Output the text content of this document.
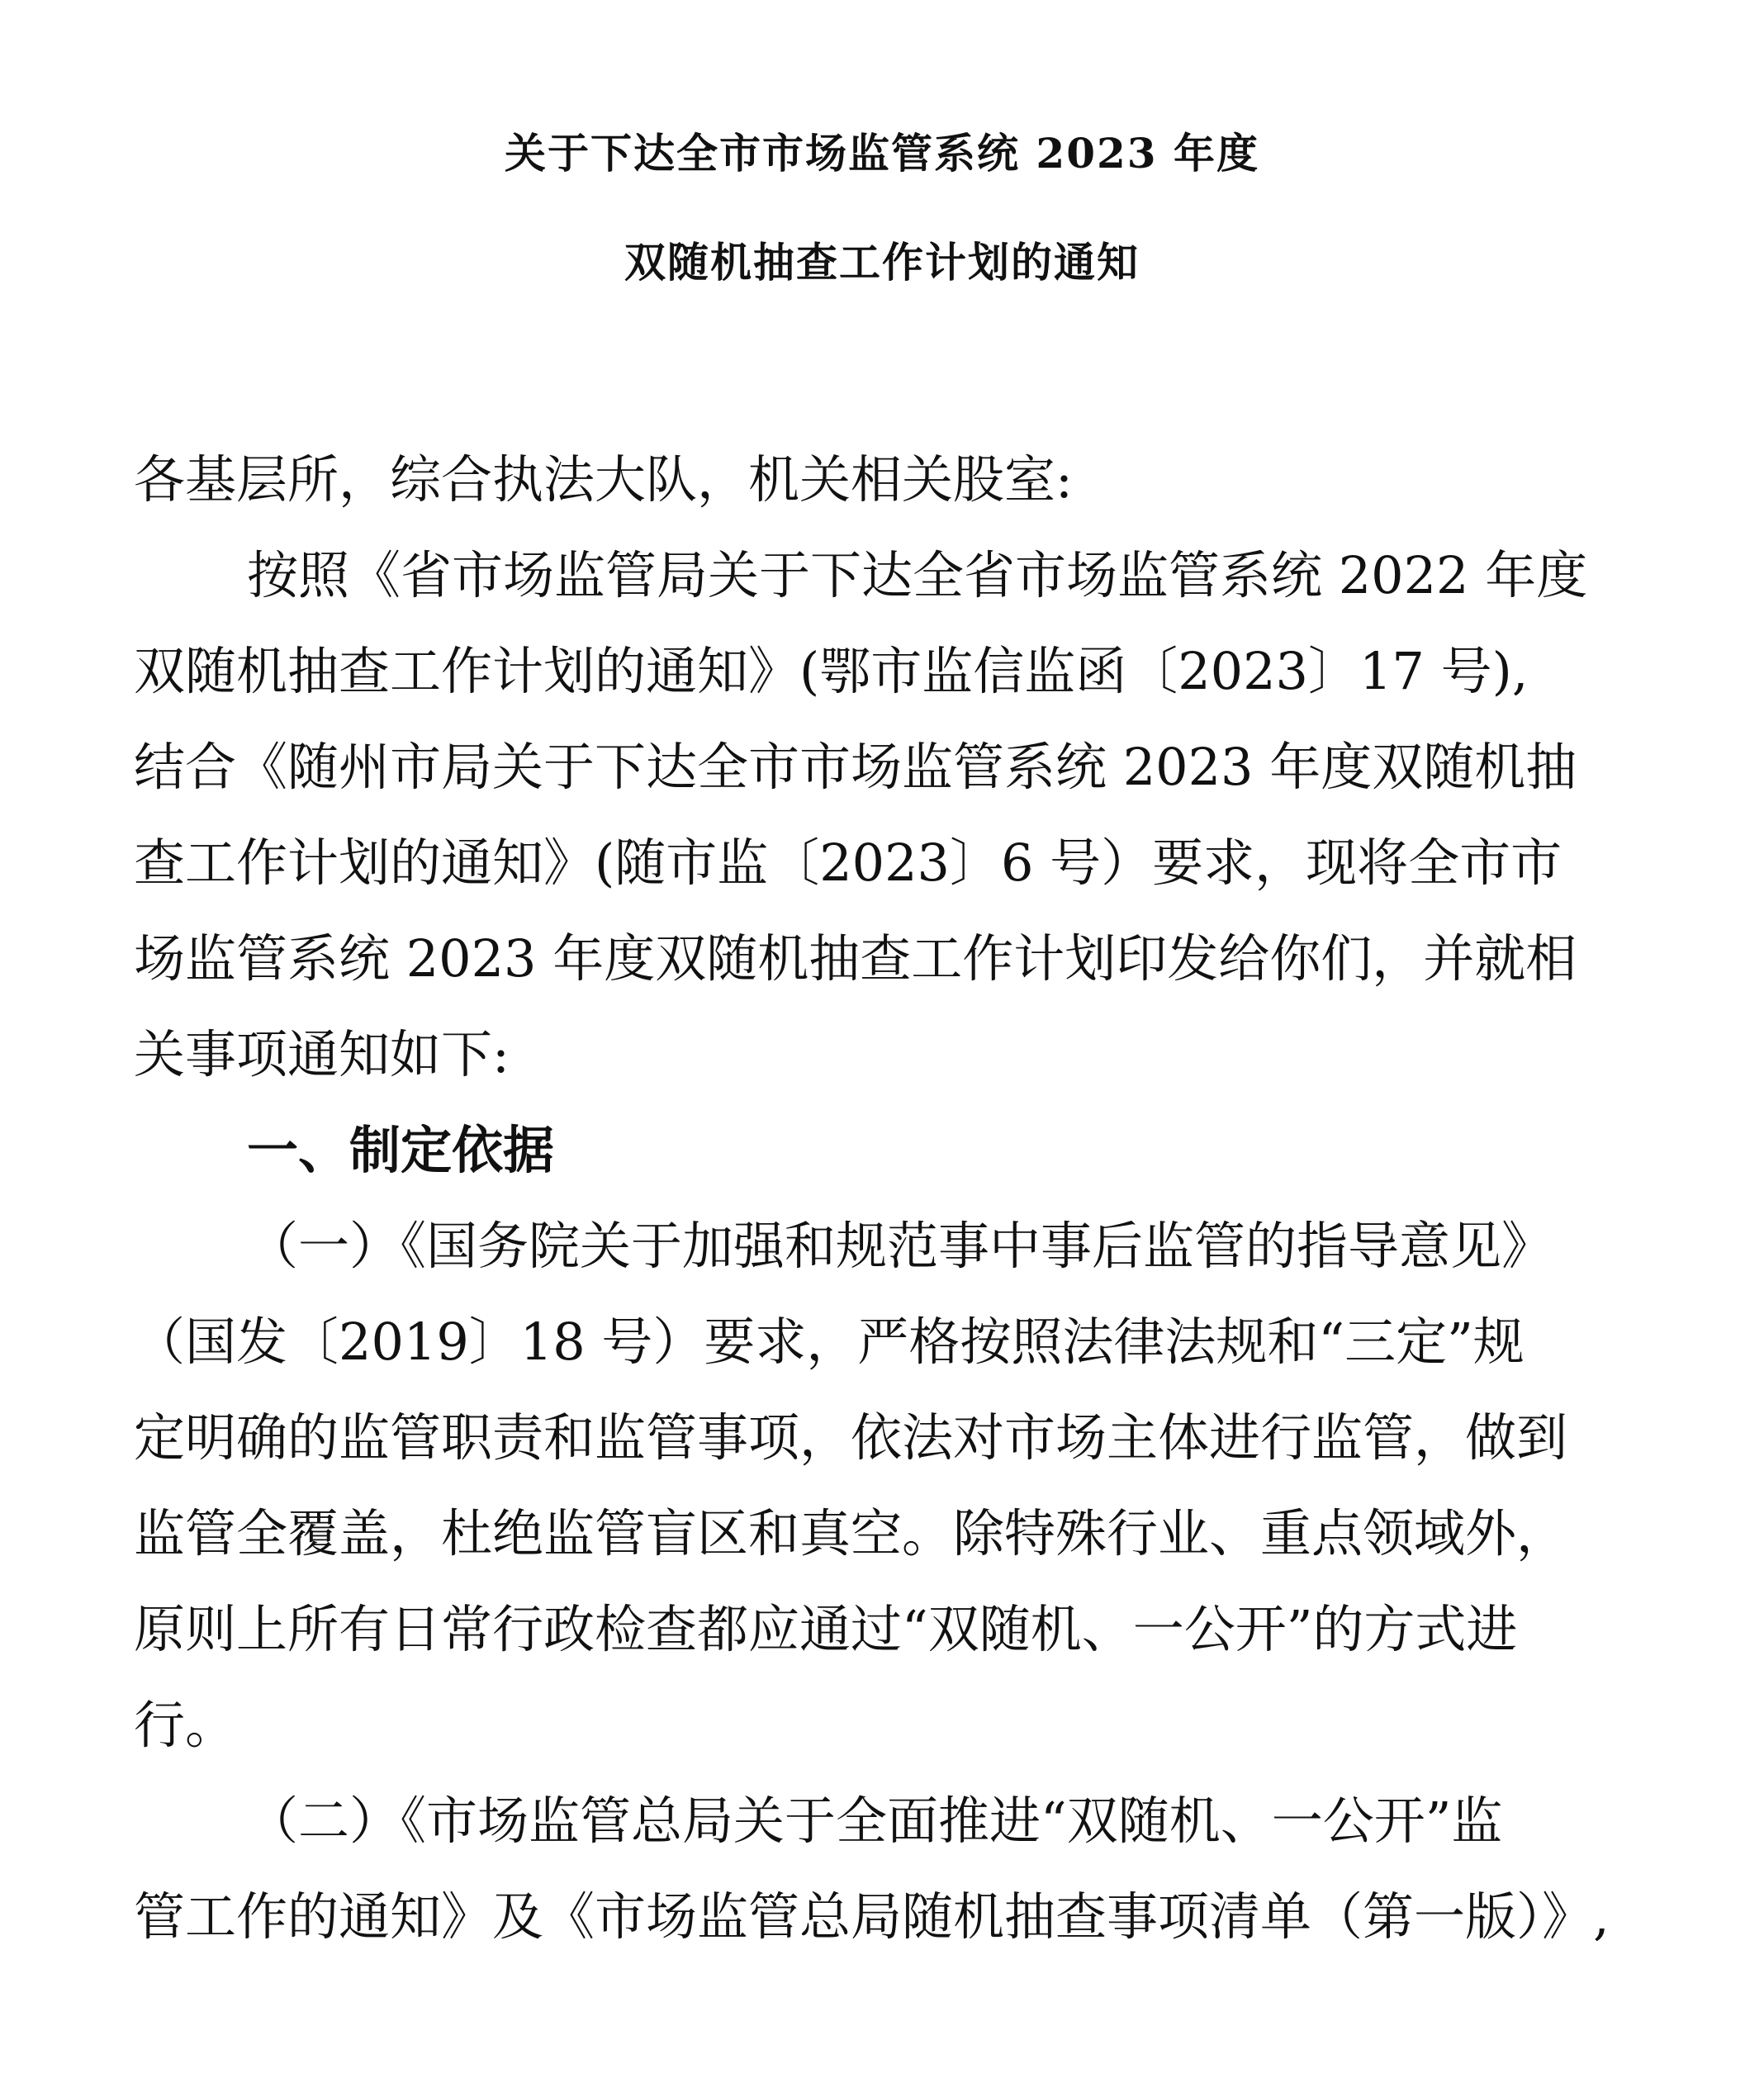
关于下达全市市场监管系统 2023 年度
双随机抽查工作计划的通知
各基层所，综合执法大队，机关相关股室:
按照《省市场监管局关于下达全省市场监管系统 2022 年度
双随机抽查工作计划的通知》(鄂市监信监函〔2023〕17 号),
结合《随州市局关于下达全市市场监管系统 2023 年度双随机抽
查工作计划的通知》(随市监〔2023〕6 号）要求，现将全市市
场监管系统 2023 年度双随机抽查工作计划印发给你们，并就相
关事项通知如下:
一、制定依据
（一）《国务院关于加强和规范事中事后监管的指导意见》
（国发〔2019〕18 号）要求，严格按照法律法规和“三定”规
定明确的监管职责和监管事项，依法对市场主体进行监管，做到
监管全覆盖，杜绝监管盲区和真空。除特殊行业、重点领域外，
原则上所有日常行政检查都应通过“双随机、一公开”的方式进
行。
（二）《市场监管总局关于全面推进“双随机、一公开”监
管工作的通知》及《市场监管总局随机抽查事项清单（第一版）》,
